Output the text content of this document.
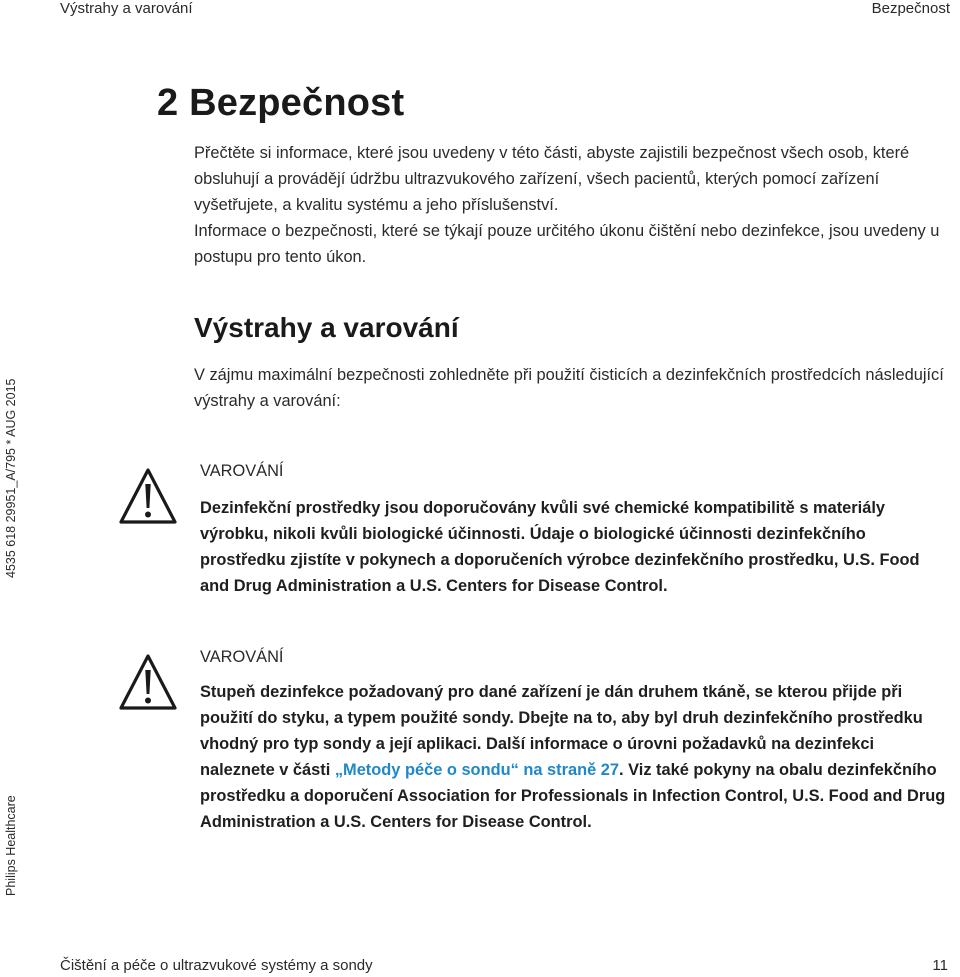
Výstrahy a varování	Bezpečnost
4535 618 29951_A/795 * AUG 2015
Philips Healthcare
2 Bezpečnost

Přečtěte si informace, které jsou uvedeny v této části, abyste zajistili bezpečnost všech osob, které obsluhují a provádějí údržbu ultrazvukového zařízení, všech pacientů, kterých pomocí zařízení vyšetřujete, a kvalitu systému a jeho příslušenství.

Informace o bezpečnosti, které se týkají pouze určitého úkonu čištění nebo dezinfekce, jsou uvedeny u postupu pro tento úkon.

Výstrahy a varování

V zájmu maximální bezpečnosti zohledněte při použití čisticích a dezinfekčních prostředcích následující výstrahy a varování:

VAROVÁNÍ

Dezinfekční prostředky jsou doporučovány kvůli své chemické kompatibilitě s materiály výrobku, nikoli kvůli biologické účinnosti. Údaje o biologické účinnosti dezinfekčního prostředku zjistíte v pokynech a doporučeních výrobce dezinfekčního prostředku, U.S. Food and Drug Administration a U.S. Centers for Disease Control.

VAROVÁNÍ

Stupeň dezinfekce požadovaný pro dané zařízení je dán druhem tkáně, se kterou přijde při použití do styku, a typem použité sondy. Dbejte na to, aby byl druh dezinfekčního prostředku vhodný pro typ sondy a její aplikaci. Další informace o úrovni požadavků na dezinfekci naleznete v části „Metody péče o sondu“ na straně 27. Viz také pokyny na obalu dezinfekčního prostředku a doporučení Association for Professionals in Infection Control, U.S. Food and Drug Administration a U.S. Centers for Disease Control.

Čištění a péče o ultrazvukové systémy a sondy	11
